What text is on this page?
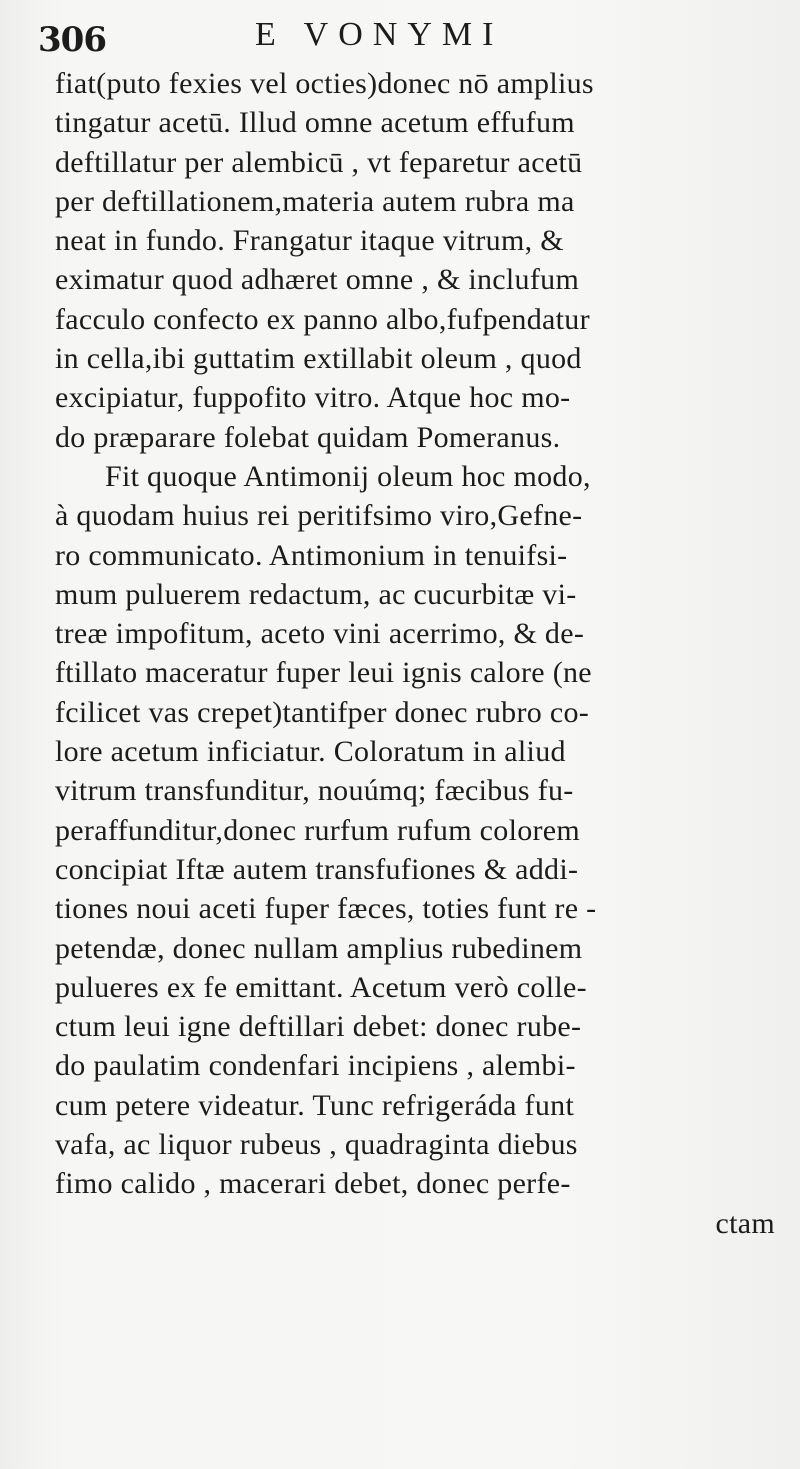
306	E VONYMI
fiat(puto fexies vel octies)donec nō amplius
tingatur acetū. Illud omne acetum effufum
deftillatur per alembicū , vt feparetur acetū
per deftillationem,materia autem rubra ma
neat in fundo. Frangatur itaque vitrum, &
eximatur quod adhæret omne , & inclufum
facculo confecto ex panno albo,fufpendatur
in cella,ibi guttatim extillabit oleum , quod
excipiatur, fuppofito vitro. Atque hoc mo-
do præparare folebat quidam Pomeranus.
Fit quoque Antimonij oleum hoc modo,
à quodam huius rei peritifsimo viro,Gefne-
ro communicato. Antimonium in tenuifsi-
mum puluerem redactum, ac cucurbitæ vi-
treæ impofitum, aceto vini acerrimo, & de-
ftillato maceratur fuper leui ignis calore (ne
fcilicet vas crepet)tantifper donec rubro co-
lore acetum inficiatur. Coloratum in aliud
vitrum transfunditur, nouúmq; fæcibus fu-
peraffunditur,donec rurfum rufum colorem
concipiat Iftæ autem transfufiones & addi-
tiones noui aceti fuper fæces, toties funt re -
petendæ, donec nullam amplius rubedinem
pulueres ex fe emittant. Acetum verò colle-
ctum leui igne deftillari debet: donec rube-
do paulatim condenfari incipiens , alembi-
cum petere videatur. Tunc refrigeráda funt
vafa, ac liquor rubeus , quadraginta diebus
fimo calido , macerari debet, donec perfe-
ctam
